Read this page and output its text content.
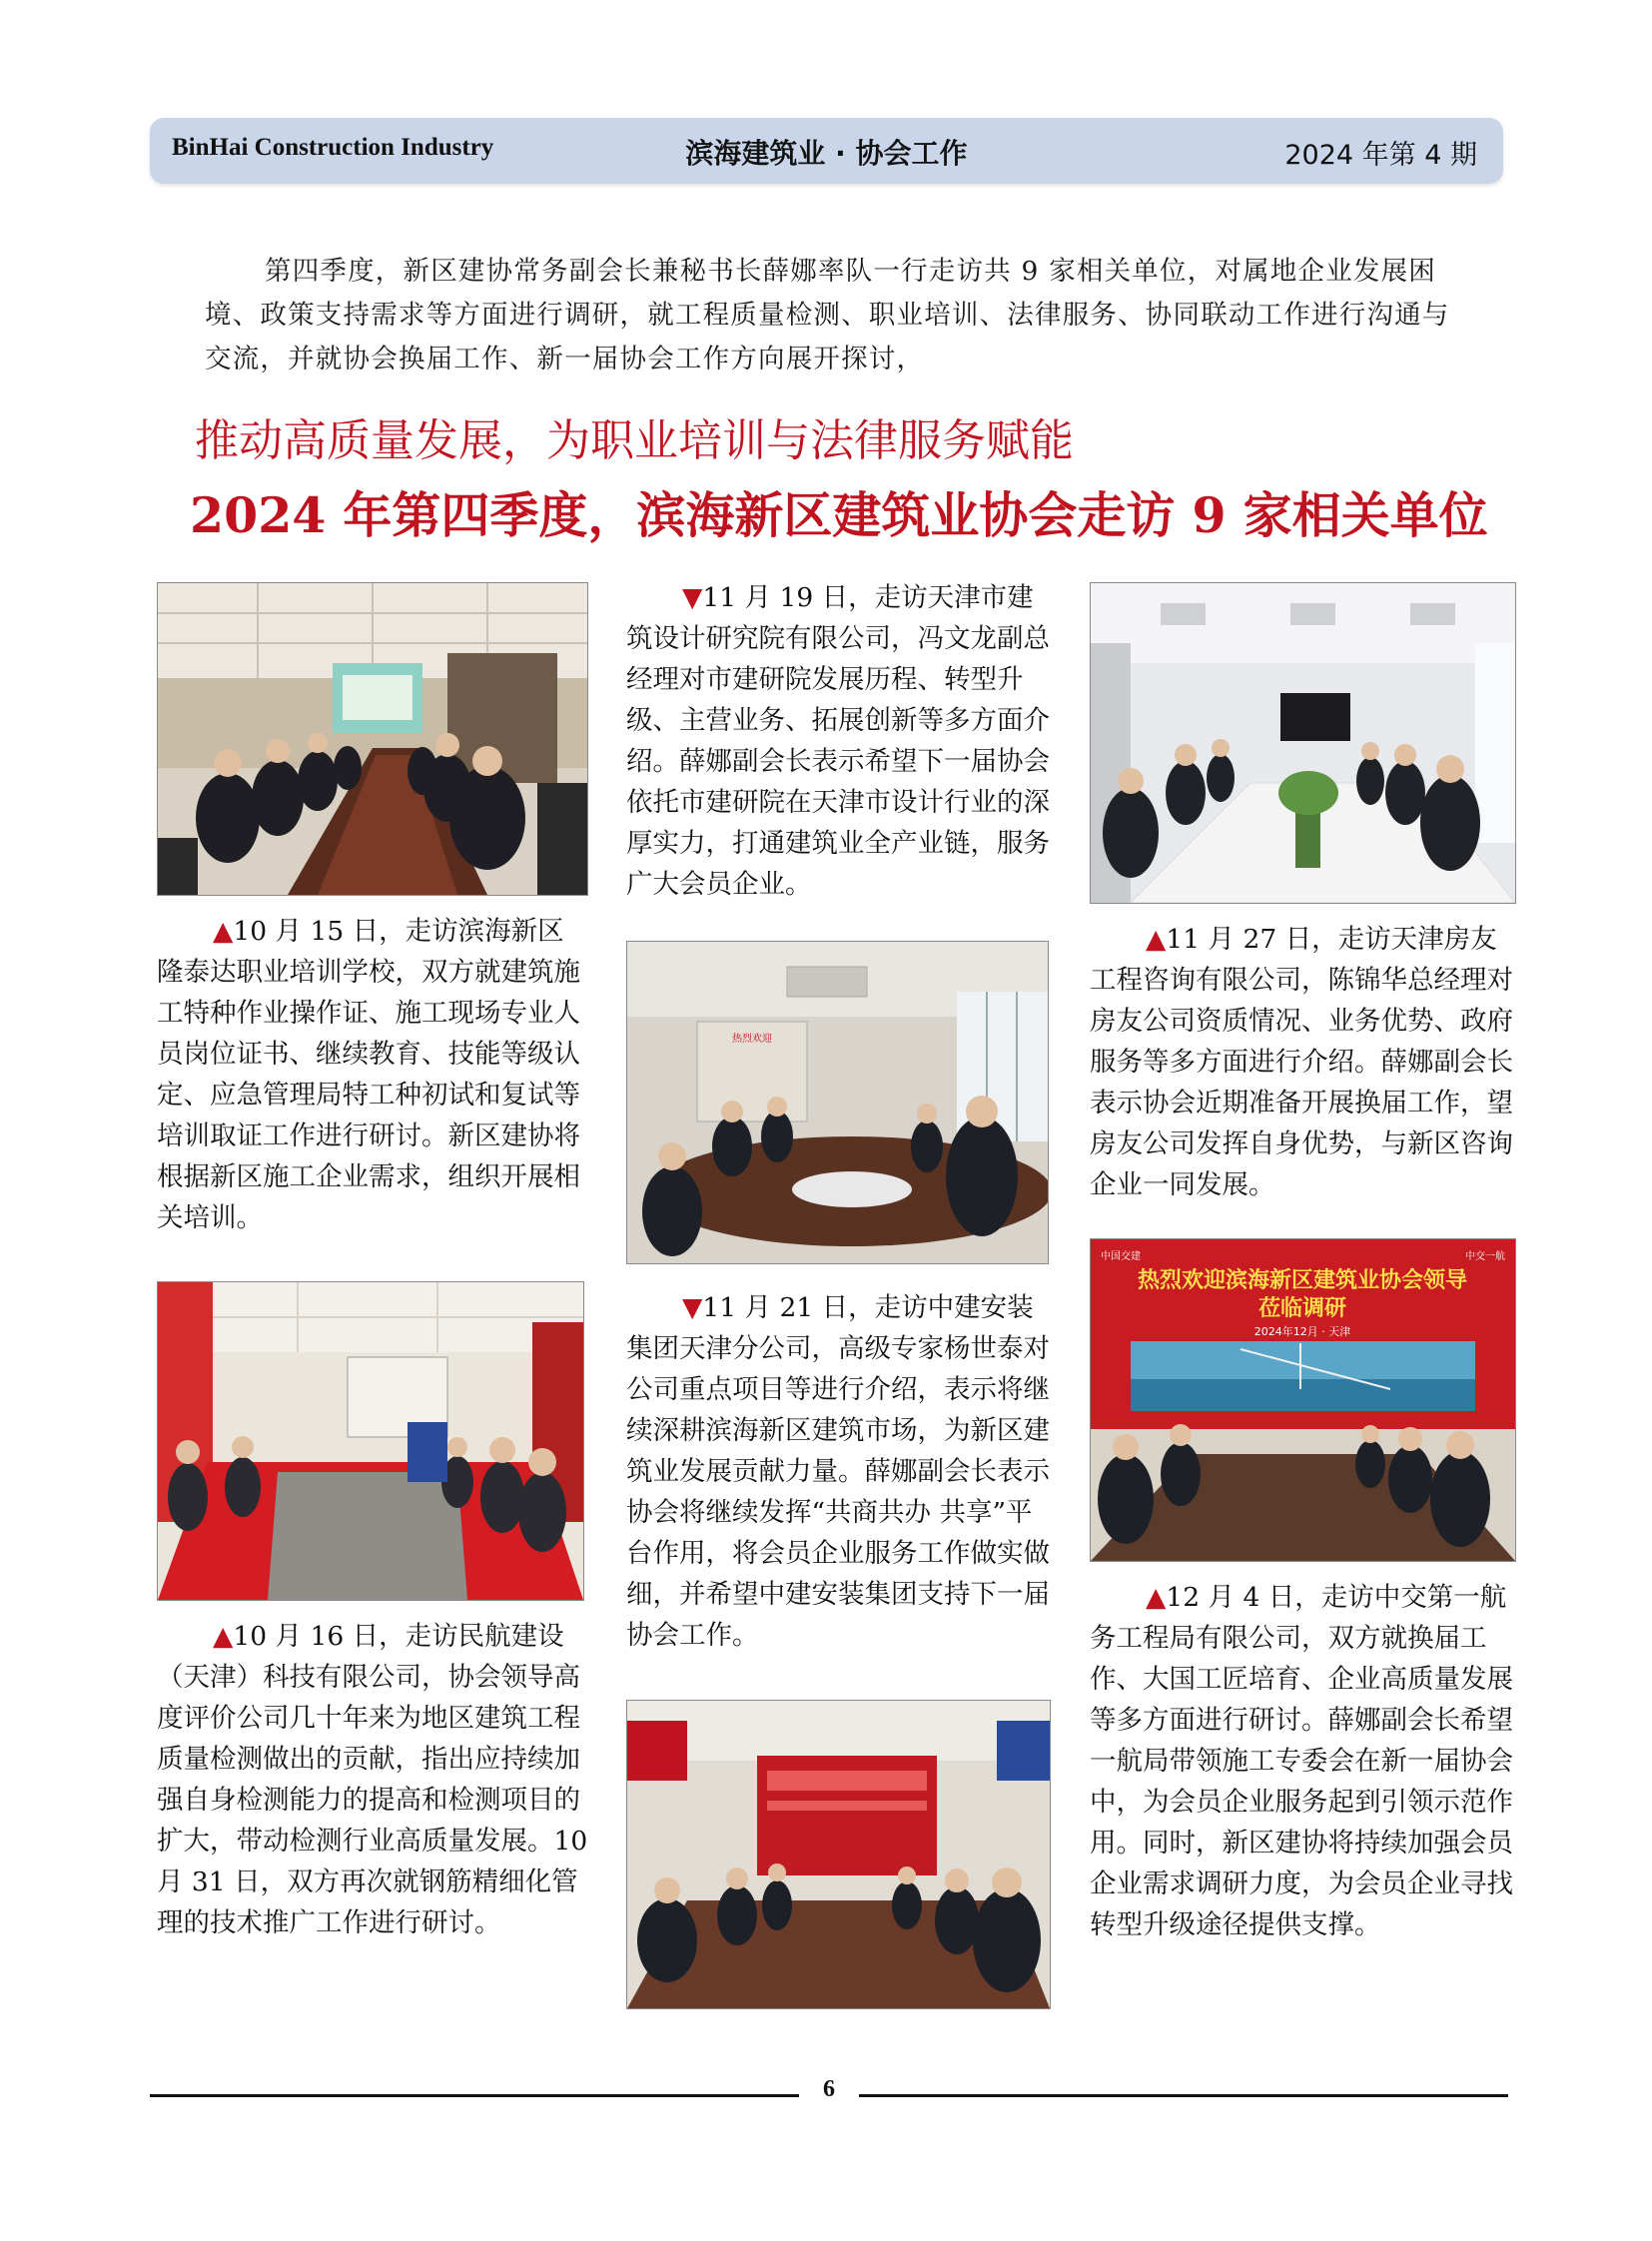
BinHai Construction Industry	滨海建筑业 · 协会工作	2024 年第 4 期

第四季度，新区建协常务副会长兼秘书长薛娜率队一行走访共 9 家相关单位，对属地企业发展困境、政策支持需求等方面进行调研，就工程质量检测、职业培训、法律服务、协同联动工作进行沟通与交流，并就协会换届工作、新一届协会工作方向展开探讨，

推动高质量发展，为职业培训与法律服务赋能
2024 年第四季度，滨海新区建筑业协会走访 9 家相关单位

▲10 月 15 日，走访滨海新区隆泰达职业培训学校，双方就建筑施工特种作业操作证、施工现场专业人员岗位证书、继续教育、技能等级认定、应急管理局特工种初试和复试等培训取证工作进行研讨。新区建协将根据新区施工企业需求，组织开展相关培训。

▲10 月 16 日，走访民航建设（天津）科技有限公司，协会领导高度评价公司几十年来为地区建筑工程质量检测做出的贡献，指出应持续加强自身检测能力的提高和检测项目的扩大，带动检测行业高质量发展。10 月 31 日，双方再次就钢筋精细化管理的技术推广工作进行研讨。

▼11 月 19 日，走访天津市建筑设计研究院有限公司，冯文龙副总经理对市建研院发展历程、转型升级、主营业务、拓展创新等多方面介绍。薛娜副会长表示希望下一届协会依托市建研院在天津市设计行业的深厚实力，打通建筑业全产业链，服务广大会员企业。

热烈欢迎

▼11 月 21 日，走访中建安装集团天津分公司，高级专家杨世泰对公司重点项目等进行介绍，表示将继续深耕滨海新区建筑市场，为新区建筑业发展贡献力量。薛娜副会长表示协会将继续发挥“共商共办 共享”平台作用，将会员企业服务工作做实做细，并希望中建安装集团支持下一届协会工作。

▲11 月 27 日，走访天津房友工程咨询有限公司，陈锦华总经理对房友公司资质情况、业务优势、政府服务等多方面进行介绍。薛娜副会长表示协会近期准备开展换届工作，望房友公司发挥自身优势，与新区咨询企业一同发展。

中国交建	中交一航
热烈欢迎滨海新区建筑业协会领导
莅临调研
2024年12月 · 天津

▲12 月 4 日，走访中交第一航务工程局有限公司，双方就换届工作、大国工匠培育、企业高质量发展等多方面进行研讨。薛娜副会长希望一航局带领施工专委会在新一届协会中，为会员企业服务起到引领示范作用。同时，新区建协将持续加强会员企业需求调研力度，为会员企业寻找转型升级途径提供支撑。

6
